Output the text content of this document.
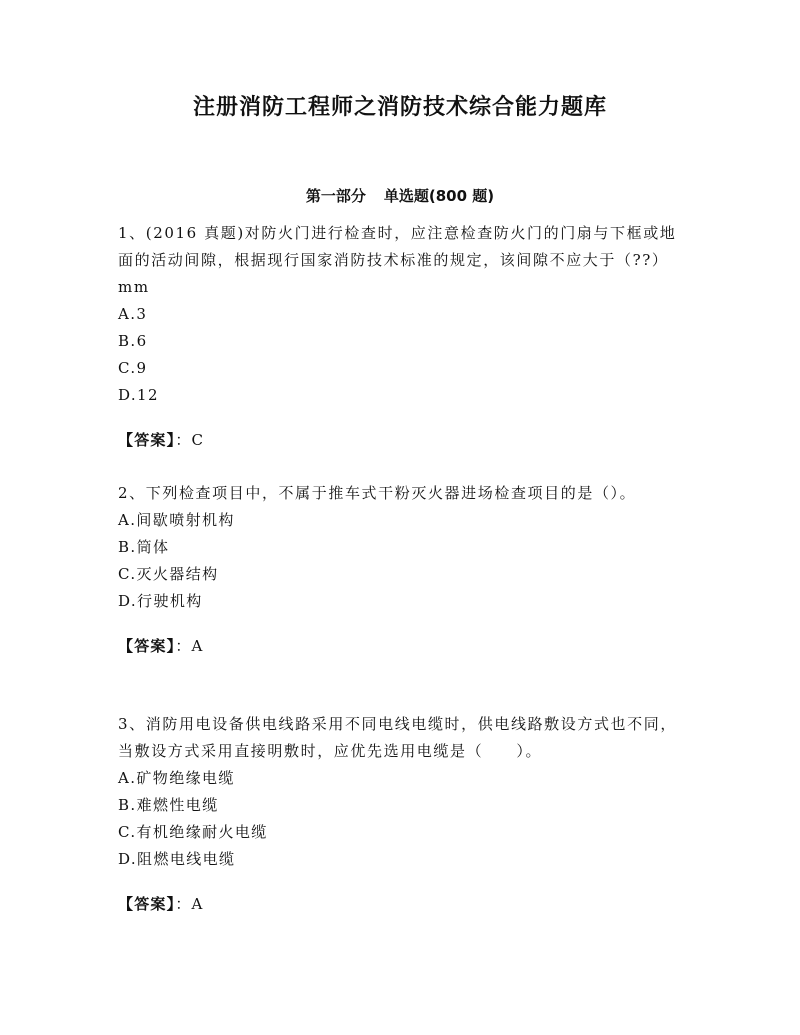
注册消防工程师之消防技术综合能力题库
第一部分 单选题(800 题)

1、(2016 真题)对防火门进行检查时，应注意检查防火门的门扇与下框或地面的活动间隙，根据现行国家消防技术标准的规定，该间隙不应大于（??）mm

A.3

B.6

C.9

D.12

【答案】：C

2、下列检查项目中，不属于推车式干粉灭火器进场检查项目的是（）。

A.间歇喷射机构

B.筒体

C.灭火器结构

D.行驶机构

【答案】：A

3、消防用电设备供电线路采用不同电线电缆时，供电线路敷设方式也不同，当敷设方式采用直接明敷时，应优先选用电缆是（　　）。

A.矿物绝缘电缆

B.难燃性电缆

C.有机绝缘耐火电缆

D.阻燃电线电缆

【答案】：A
